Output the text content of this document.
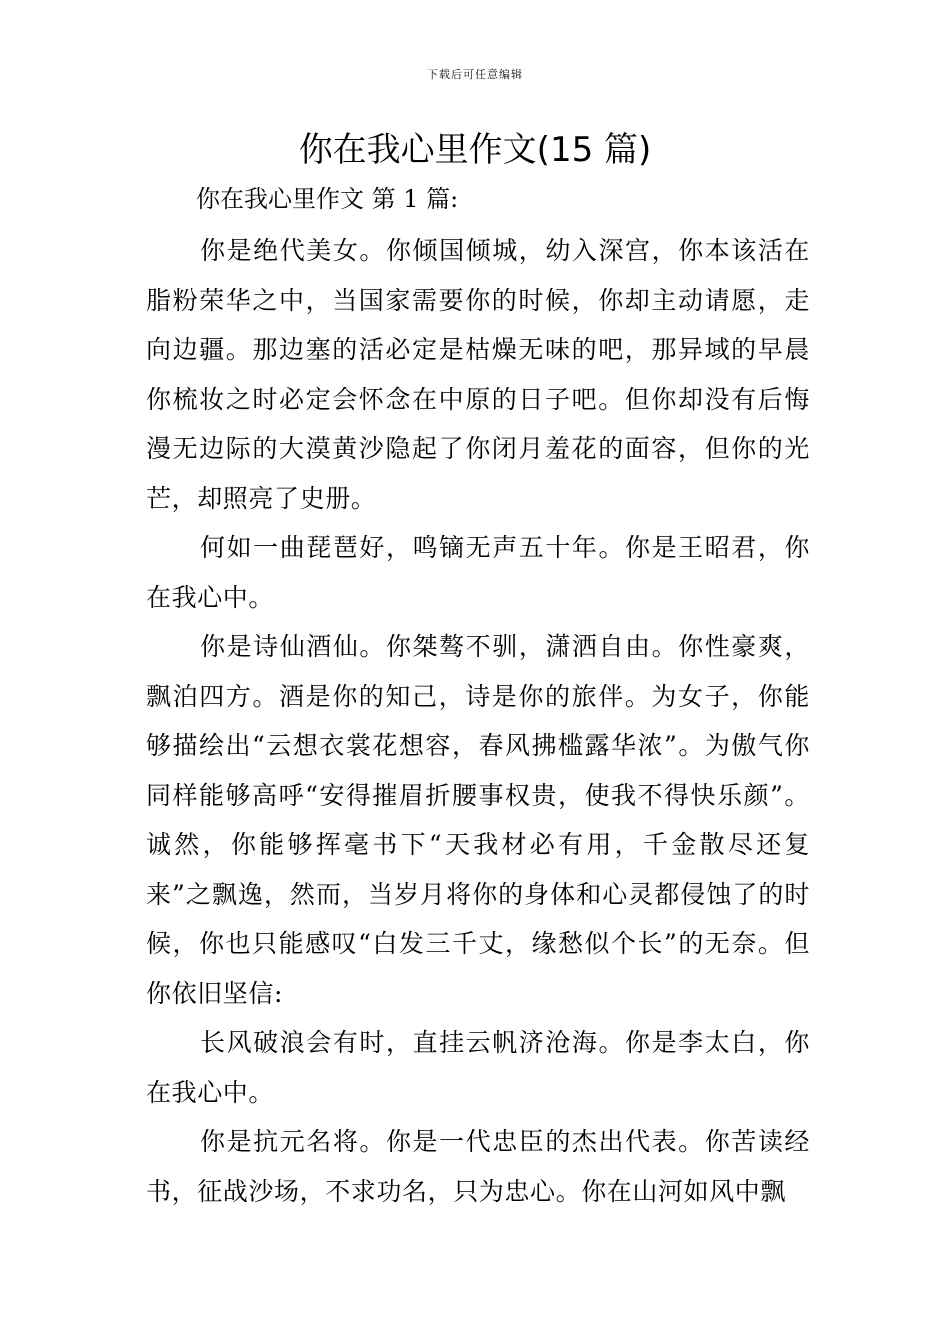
下载后可任意编辑
你在我心里作文(15 篇)

你在我心里作文 第 1 篇:

你是绝代美女。你倾国倾城，幼入深宫，你本该活在脂粉荣华之中，当国家需要你的时候，你却主动请愿，走向边疆。那边塞的活必定是枯燥无味的吧，那异域的早晨你梳妆之时必定会怀念在中原的日子吧。但你却没有后悔漫无边际的大漠黄沙隐起了你闭月羞花的面容，但你的光芒，却照亮了史册。

何如一曲琵琶好，鸣镝无声五十年。你是王昭君，你在我心中。

你是诗仙酒仙。你桀骜不驯，潇洒自由。你性豪爽，飘泊四方。酒是你的知己，诗是你的旅伴。为女子，你能够描绘出“云想衣裳花想容，春风拂槛露华浓”。为傲气你同样能够高呼“安得摧眉折腰事权贵，使我不得快乐颜”。诚然，你能够挥毫书下“天我材必有用，千金散尽还复来”之飘逸，然而，当岁月将你的身体和心灵都侵蚀了的时候，你也只能感叹“白发三千丈，缘愁似个长”的无奈。但你依旧坚信:

长风破浪会有时，直挂云帆济沧海。你是李太白，你在我心中。

你是抗元名将。你是一代忠臣的杰出代表。你苦读经书，征战沙场，不求功名，只为忠心。你在山河如风中飘
